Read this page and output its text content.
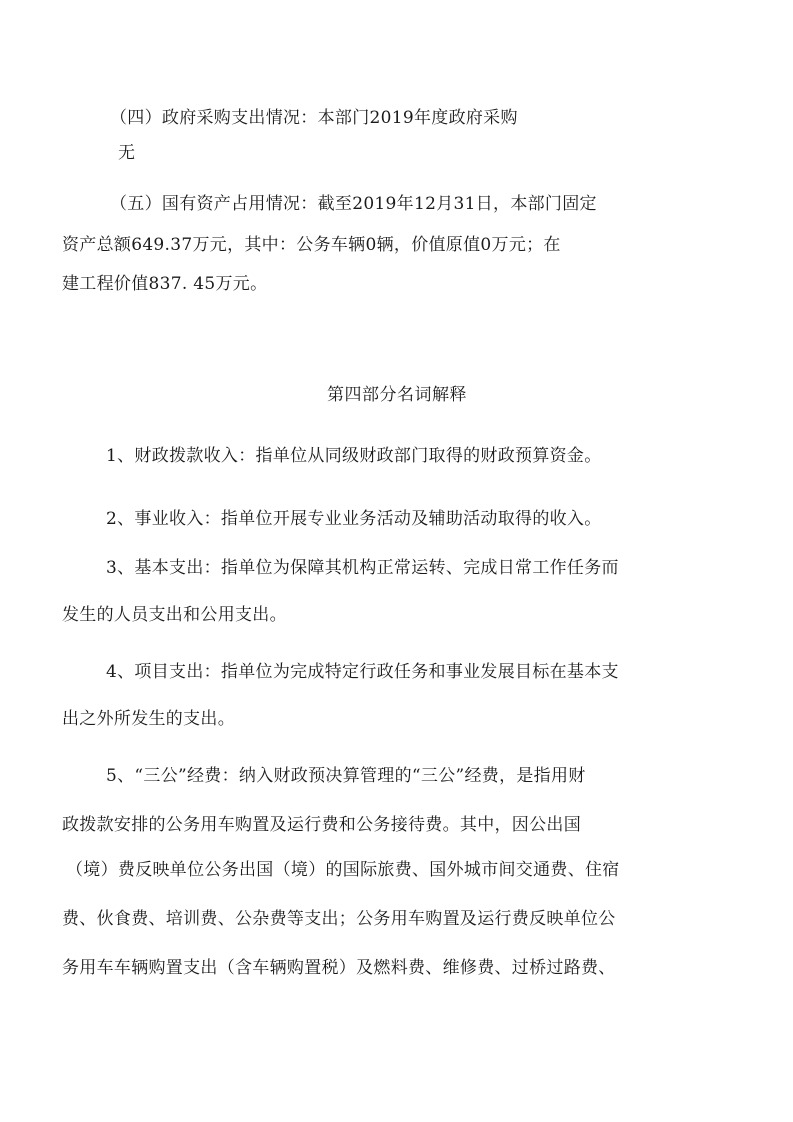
（四）政府采购支出情况：本部门2019年度政府采购
无
（五）国有资产占用情况：截至2019年12月31日，本部门固定
资产总额649.37万元，其中：公务车辆0辆，价值原值0万元；在
建工程价值837. 45万元。
第四部分名词解释
1、财政拨款收入：指单位从同级财政部门取得的财政预算资金。
2、事业收入：指单位开展专业业务活动及辅助活动取得的收入。
3、基本支出：指单位为保障其机构正常运转、完成日常工作任务而
发生的人员支出和公用支出。
4、项目支出：指单位为完成特定行政任务和事业发展目标在基本支
出之外所发生的支出。
5、“三公”经费：纳入财政预决算管理的“三公”经费，是指用财
政拨款安排的公务用车购置及运行费和公务接待费。其中，因公出国
（境）费反映单位公务出国（境）的国际旅费、国外城市间交通费、住宿
费、伙食费、培训费、公杂费等支出；公务用车购置及运行费反映单位公
务用车车辆购置支出（含车辆购置税）及燃料费、维修费、过桥过路费、
